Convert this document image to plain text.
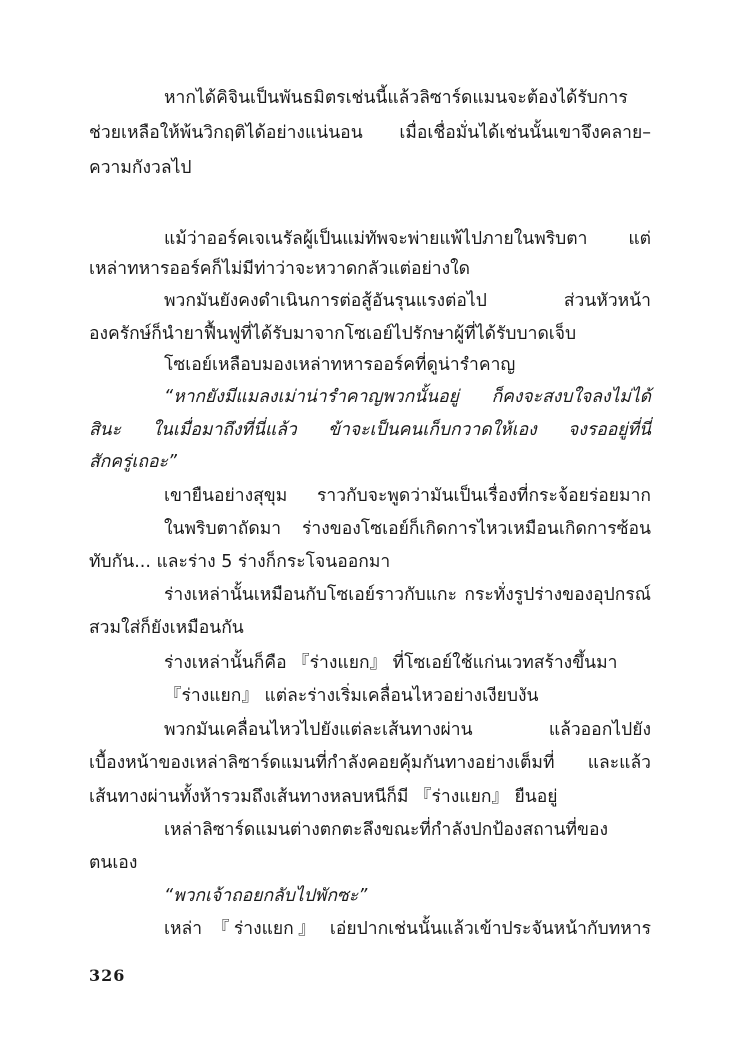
หากได้คิจินเป็นพันธมิตรเช่นนี้แล้วลิซาร์ดแมนจะต้องได้รับการ
ช่วยเหลือให้พ้นวิกฤติได้อย่างแน่นอน เมื่อเชื่อมั่นได้เช่นนั้นเขาจึงคลาย–
ความกังวลไป
แม้ว่าออร์คเจเนรัลผู้เป็นแม่ทัพจะพ่ายแพ้ไปภายในพริบตา แต่
เหล่าทหารออร์คก็ไม่มีท่าว่าจะหวาดกลัวแต่อย่างใด
พวกมันยังคงดำเนินการต่อสู้อันรุนแรงต่อไป ส่วนหัวหน้า
องครักษ์ก็นำยาฟื้นฟูที่ได้รับมาจากโซเอย์ไปรักษาผู้ที่ได้รับบาดเจ็บ
โซเอย์เหลือบมองเหล่าทหารออร์คที่ดูน่ารำคาญ
“หากยังมีแมลงเม่าน่ารำคาญพวกนั้นอยู่ ก็คงจะสงบใจลงไม่ได้
สินะ ในเมื่อมาถึงที่นี่แล้ว ข้าจะเป็นคนเก็บกวาดให้เอง จงรออยู่ที่นี่
สักครู่เถอะ”
เขายืนอย่างสุขุม ราวกับจะพูดว่ามันเป็นเรื่องที่กระจ้อยร่อยมาก
ในพริบตาถัดมา ร่างของโซเอย์ก็เกิดการไหวเหมือนเกิดการซ้อน
ทับกัน... และร่าง 5 ร่างก็กระโจนออกมา
ร่างเหล่านั้นเหมือนกับโซเอย์ราวกับแกะ กระทั่งรูปร่างของอุปกรณ์
สวมใส่ก็ยังเหมือนกัน
ร่างเหล่านั้นก็คือ 『ร่างแยก』 ที่โซเอย์ใช้แก่นเวทสร้างขึ้นมา
『ร่างแยก』 แต่ละร่างเริ่มเคลื่อนไหวอย่างเงียบงัน
พวกมันเคลื่อนไหวไปยังแต่ละเส้นทางผ่าน แล้วออกไปยัง
เบื้องหน้าของเหล่าลิซาร์ดแมนที่กำลังคอยคุ้มกันทางอย่างเต็มที่ และแล้ว
เส้นทางผ่านทั้งห้ารวมถึงเส้นทางหลบหนีก็มี 『ร่างแยก』 ยืนอยู่
เหล่าลิซาร์ดแมนต่างตกตะลึงขณะที่กำลังปกป้องสถานที่ของ
ตนเอง
“พวกเจ้าถอยกลับไปพักซะ”
เหล่า 『ร่างแยก』 เอ่ยปากเช่นนั้นแล้วเข้าประจันหน้ากับทหาร
326
